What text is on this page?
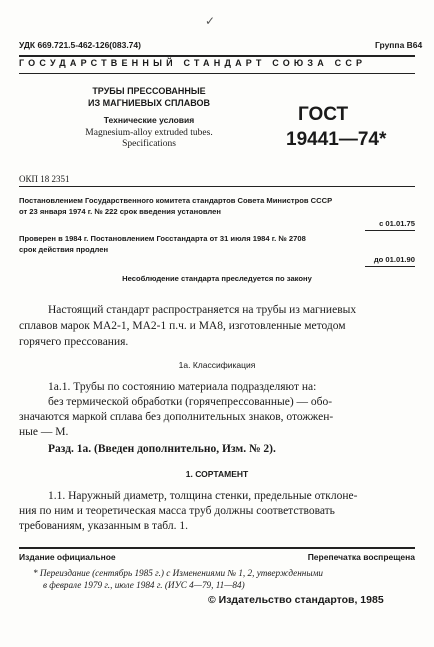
УДК 669.721.5-462-126(083.74)	Группа В64
✓
ГОСУДАРСТВЕННЫЙ СТАНДАРТ СОЮЗА ССР
ТРУБЫ ПРЕССОВАННЫЕ
ИЗ МАГНИЕВЫХ СПЛАВОВ
Технические условия
Magnesium-alloy extruded tubes.
Specifications
ГОСТ
19441—74*
ОКП 18 2351
Постановлением Государственного комитета стандартов Совета Министров СССР
от 23 января 1974 г. № 222 срок введения установлен
с 01.01.75
Проверен в 1984 г. Постановлением Госстандарта от 31 июля 1984 г. № 2708
срок действия продлен
до 01.01.90
Несоблюдение стандарта преследуется по закону
Настоящий стандарт распространяется на трубы из магниевых
сплавов марок МА2-1, МА2-1 п.ч. и МА8, изготовленные методом
горячего прессования.
1а. Классификация
1а.1. Трубы по состоянию материала подразделяют на:
без термической обработки (горячепрессованные) — обо-
значаются маркой сплава без дополнительных знаков, отожжен-
ные — М.
Разд. 1а. (Введен дополнительно, Изм. № 2).
1. СОРТАМЕНТ
1.1. Наружный диаметр, толщина стенки, предельные отклоне-
ния по ним и теоретическая масса труб должны соответствовать
требованиям, указанным в табл. 1.
Издание официальное	Перепечатка воспрещена
* Переиздание (сентябрь 1985 г.) с Изменениями № 1, 2, утвержденными
в феврале 1979 г., июле 1984 г. (ИУС 4—79, 11—84)
© Издательство стандартов, 1985
